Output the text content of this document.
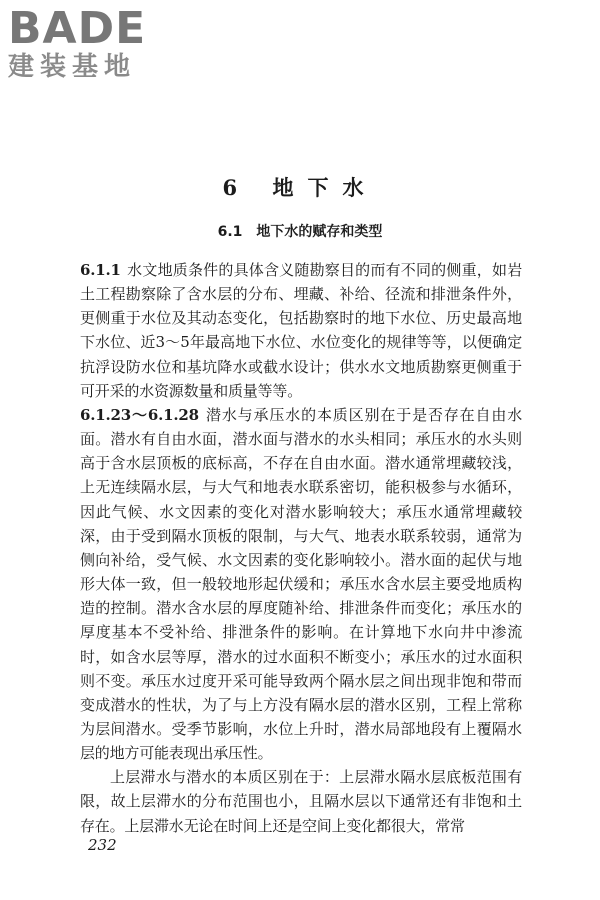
BADE
建装基地
6 地下水
6.1　地下水的赋存和类型

6.1.1 水文地质条件的具体含义随勘察目的而有不同的侧重，如岩土工程勘察除了含水层的分布、埋藏、补给、径流和排泄条件外，更侧重于水位及其动态变化，包括勘察时的地下水位、历史最高地下水位、近3～5年最高地下水位、水位变化的规律等等，以便确定抗浮设防水位和基坑降水或截水设计；供水水文地质勘察更侧重于可开采的水资源数量和质量等等。

6.1.23～6.1.28 潜水与承压水的本质区别在于是否存在自由水面。潜水有自由水面，潜水面与潜水的水头相同；承压水的水头则高于含水层顶板的底标高，不存在自由水面。潜水通常埋藏较浅，上无连续隔水层，与大气和地表水联系密切，能积极参与水循环，因此气候、水文因素的变化对潜水影响较大；承压水通常埋藏较深，由于受到隔水顶板的限制，与大气、地表水联系较弱，通常为侧向补给，受气候、水文因素的变化影响较小。潜水面的起伏与地形大体一致，但一般较地形起伏缓和；承压水含水层主要受地质构造的控制。潜水含水层的厚度随补给、排泄条件而变化；承压水的厚度基本不受补给、排泄条件的影响。在计算地下水向井中渗流时，如含水层等厚，潜水的过水面积不断变小；承压水的过水面积则不变。承压水过度开采可能导致两个隔水层之间出现非饱和带而变成潜水的性状，为了与上方没有隔水层的潜水区别，工程上常称为层间潜水。受季节影响，水位上升时，潜水局部地段有上覆隔水层的地方可能表现出承压性。

上层滞水与潜水的本质区别在于：上层滞水隔水层底板范围有限，故上层滞水的分布范围也小，且隔水层以下通常还有非饱和土存在。上层滞水无论在时间上还是空间上变化都很大，常常

232
